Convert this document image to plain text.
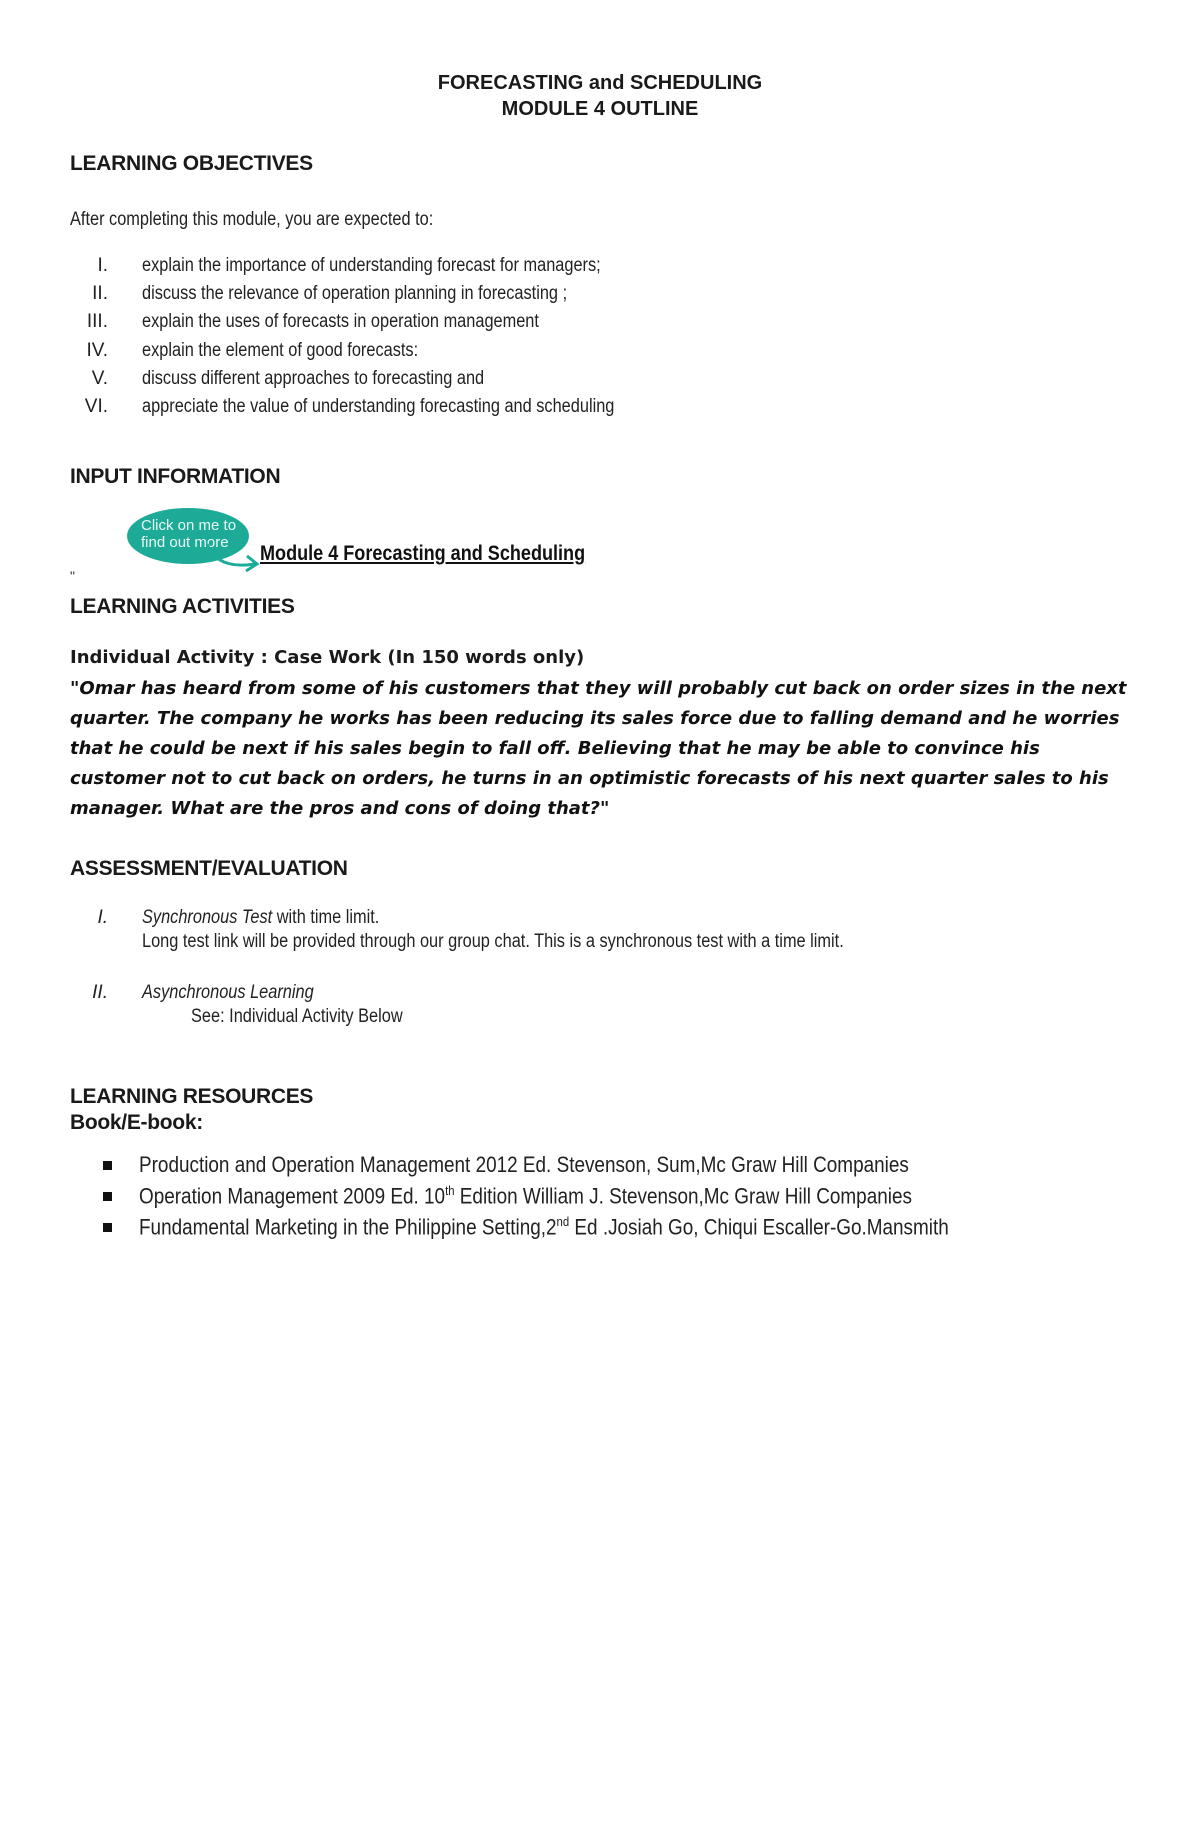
FORECASTING and SCHEDULING
MODULE 4 OUTLINE
LEARNING OBJECTIVES
After completing this module, you are expected to:
I. explain the importance of understanding forecast for managers;
II. discuss the relevance of operation planning in forecasting ;
III. explain the uses of forecasts in operation management
IV. explain the element of good forecasts:
V. discuss different approaches to forecasting and
VI. appreciate the value of understanding forecasting and scheduling
INPUT INFORMATION
Click on me to
find out more	Module 4 Forecasting and Scheduling
"
LEARNING ACTIVITIES
Individual Activity : Case Work (In 150 words only)
"Omar has heard from some of his customers that they will probably cut back on order sizes in the next quarter. The company he works has been reducing its sales force due to falling demand and he worries that he could be next if his sales begin to fall off. Believing that he may be able to convince his customer not to cut back on orders, he turns in an optimistic forecasts of his next quarter sales to his manager. What are the pros and cons of doing that?"
ASSESSMENT/EVALUATION
I. Synchronous Test with time limit.
Long test link will be provided through our group chat. This is a synchronous test with a time limit.
II. Asynchronous Learning
See: Individual Activity Below
LEARNING RESOURCES
Book/E-book:
Production and Operation Management 2012 Ed. Stevenson, Sum,Mc Graw Hill Companies
Operation Management 2009 Ed. 10th Edition William J. Stevenson,Mc Graw Hill Companies
Fundamental Marketing in the Philippine Setting,2nd Ed .Josiah Go, Chiqui Escaller-Go.Mansmith
